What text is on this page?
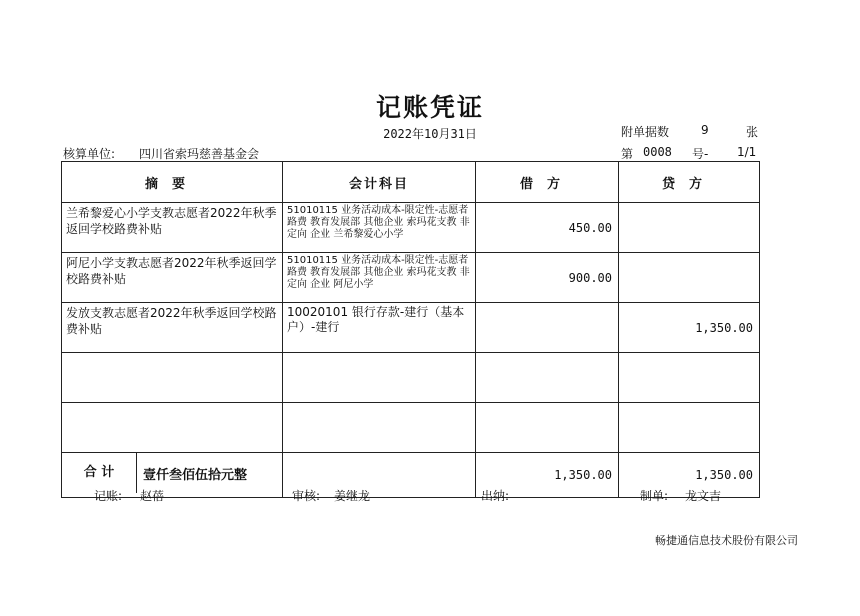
记账凭证
2022年10月31日	附单据数	9	张
核算单位: 四川省索玛慈善基金会	第 0008 号- 1/1
摘要	会计科目	借方	贷方
兰希黎爱心小学支教志愿者2022年秋季返回学校路费补贴	51010115 业务活动成本-限定性-志愿者路费 教育发展部 其他企业 索玛花支教 非定向 企业 兰希黎爱心小学	450.00	
阿尼小学支教志愿者2022年秋季返回学校路费补贴	51010115 业务活动成本-限定性-志愿者路费 教育发展部 其他企业 索玛花支教 非定向 企业 阿尼小学	900.00	
发放支教志愿者2022年秋季返回学校路费补贴	10020101 银行存款-建行（基本户）-建行		1,350.00

合 计 壹仟叁佰伍拾元整		1,350.00	1,350.00
记账: 赵蓓	审核: 姜继龙	出纳:	制单: 龙文吉
畅捷通信息技术股份有限公司
